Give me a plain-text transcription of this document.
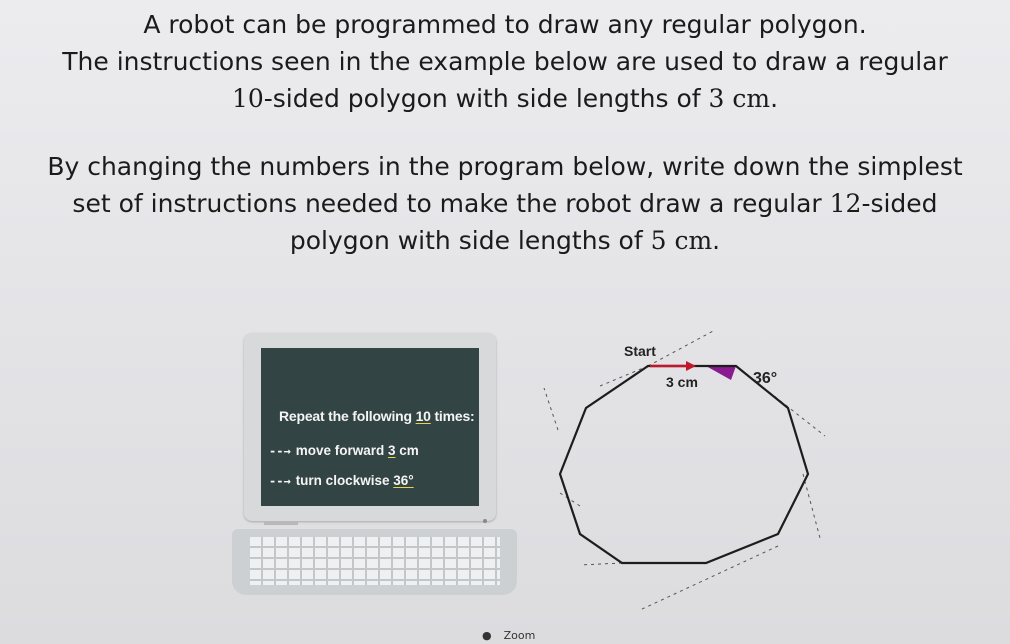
A robot can be programmed to draw any regular polygon.

The instructions seen in the example below are used to draw a regular

10-sided polygon with side lengths of 3 cm.

By changing the numbers in the program below, write down the simplest

set of instructions needed to make the robot draw a regular 12-sided

polygon with side lengths of 5 cm.

Repeat the following 10 times:
--→ move forward 3 cm
--→ turn clockwise 36°
Start
3 cm	36°
● Zoom
